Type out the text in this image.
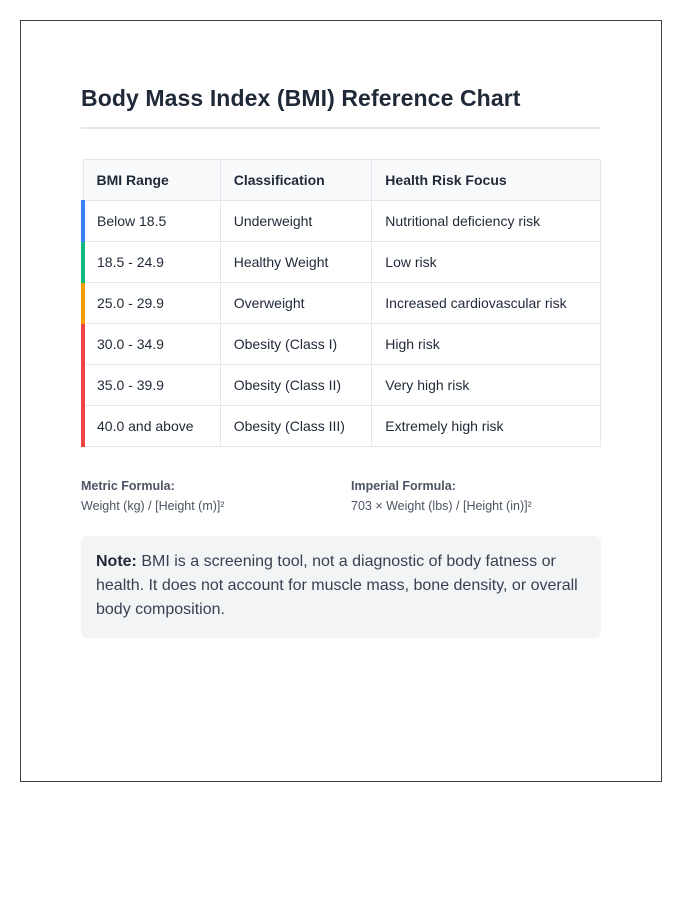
Body Mass Index (BMI) Reference Chart
BMI Range	Classification	Health Risk Focus
Below 18.5	Underweight	Nutritional deficiency risk
18.5 - 24.9	Healthy Weight	Low risk
25.0 - 29.9	Overweight	Increased cardiovascular risk
30.0 - 34.9	Obesity (Class I)	High risk
35.0 - 39.9	Obesity (Class II)	Very high risk
40.0 and above	Obesity (Class III)	Extremely high risk
Metric Formula:
Weight (kg) / [Height (m)]²
Imperial Formula:
703 × Weight (lbs) / [Height (in)]²
Note: BMI is a screening tool, not a diagnostic of body fatness or health. It does not account for muscle mass, bone density, or overall body composition.
